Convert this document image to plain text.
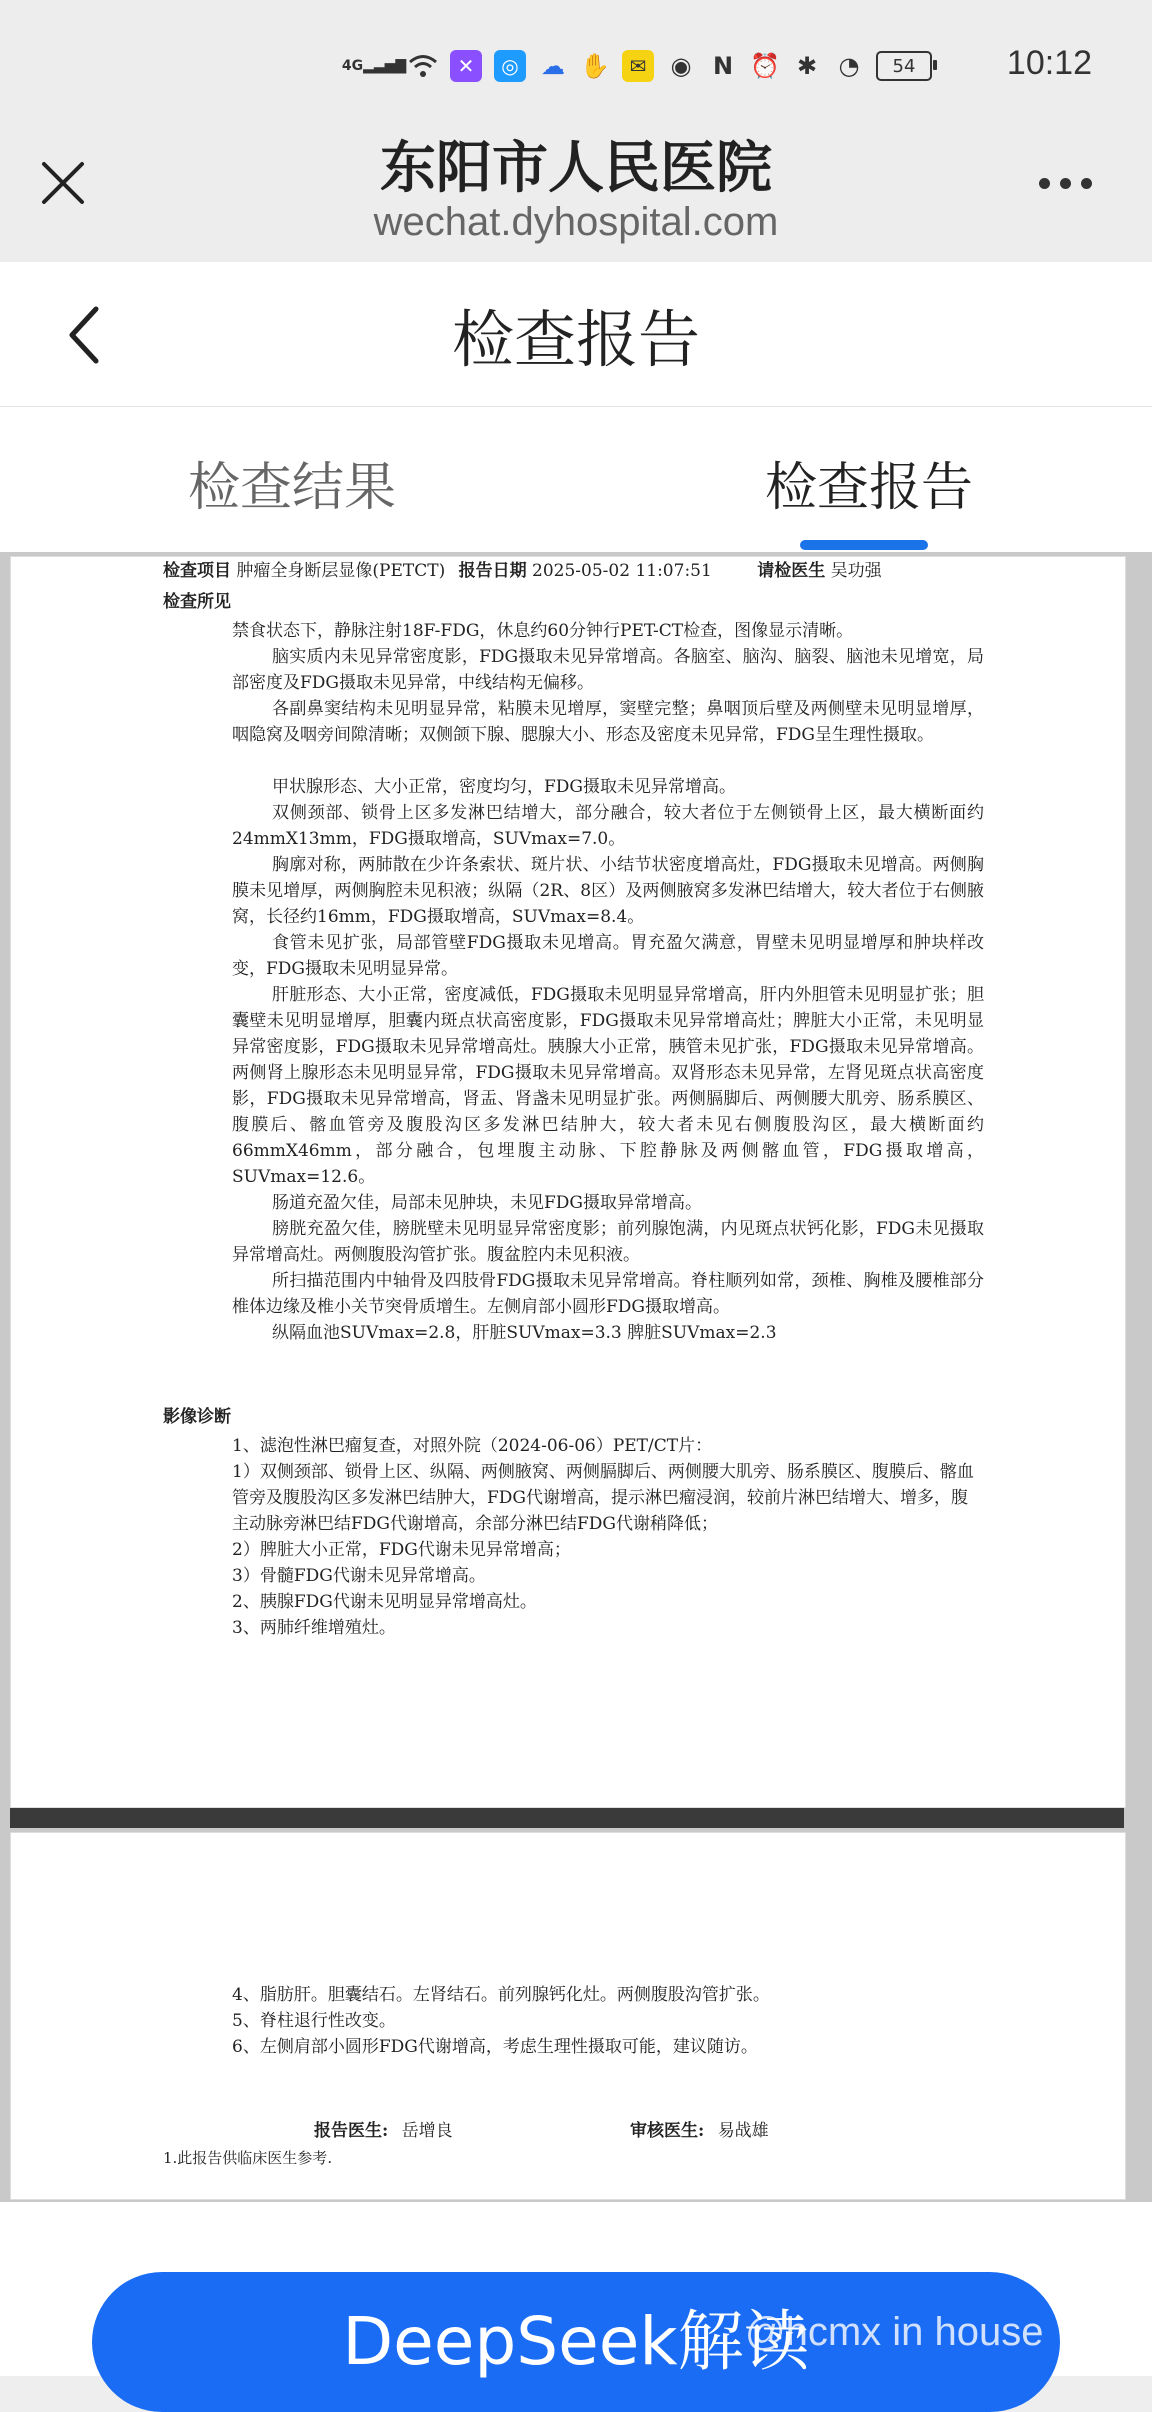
4G ▂▃▅▇	✕	◎ ☁ ✋ ✉	◉ N ⏰ ✱ ◔ 54	10:12
东阳市人民医院
wechat.dyhospital.com
检查报告
检查结果	检查报告
检查项目 肿瘤全身断层显像(PETCT) 报告日期 2025-05-02 11:07:51	请检医生 吴功强
检查所见

禁食状态下，静脉注射18F-FDG，休息约60分钟行PET-CT检查，图像显示清晰。

脑实质内未见异常密度影，FDG摄取未见异常增高。各脑室、脑沟、脑裂、脑池未见增宽，局部密度及FDG摄取未见异常，中线结构无偏移。

各副鼻窦结构未见明显异常，粘膜未见增厚，窦壁完整；鼻咽顶后壁及两侧壁未见明显增厚，咽隐窝及咽旁间隙清晰；双侧颌下腺、腮腺大小、形态及密度未见异常，FDG呈生理性摄取。

甲状腺形态、大小正常，密度均匀，FDG摄取未见异常增高。

双侧颈部、锁骨上区多发淋巴结增大，部分融合，较大者位于左侧锁骨上区，最大横断面约24mmX13mm，FDG摄取增高，SUVmax=7.0。

胸廓对称，两肺散在少许条索状、斑片状、小结节状密度增高灶，FDG摄取未见增高。两侧胸膜未见增厚，两侧胸腔未见积液；纵隔（2R、8区）及两侧腋窝多发淋巴结增大，较大者位于右侧腋窝，长径约16mm，FDG摄取增高，SUVmax=8.4。

食管未见扩张，局部管壁FDG摄取未见增高。胃充盈欠满意，胃壁未见明显增厚和肿块样改变，FDG摄取未见明显异常。

肝脏形态、大小正常，密度减低，FDG摄取未见明显异常增高，肝内外胆管未见明显扩张；胆囊壁未见明显增厚，胆囊内斑点状高密度影，FDG摄取未见异常增高灶；脾脏大小正常，未见明显异常密度影，FDG摄取未见异常增高灶。胰腺大小正常，胰管未见扩张，FDG摄取未见异常增高。两侧肾上腺形态未见明显异常，FDG摄取未见异常增高。双肾形态未见异常，左肾见斑点状高密度影，FDG摄取未见异常增高，肾盂、肾盏未见明显扩张。两侧膈脚后、两侧腰大肌旁、肠系膜区、腹膜后、髂血管旁及腹股沟区多发淋巴结肿大，较大者未见右侧腹股沟区，最大横断面约66mmX46mm，部分融合，包埋腹主动脉、下腔静脉及两侧髂血管，FDG摄取增高，SUVmax=12.6。

肠道充盈欠佳，局部未见肿块，未见FDG摄取异常增高。

膀胱充盈欠佳，膀胱壁未见明显异常密度影；前列腺饱满，内见斑点状钙化影，FDG未见摄取异常增高灶。两侧腹股沟管扩张。腹盆腔内未见积液。

所扫描范围内中轴骨及四肢骨FDG摄取未见异常增高。脊柱顺列如常，颈椎、胸椎及腰椎部分椎体边缘及椎小关节突骨质增生。左侧肩部小圆形FDG摄取增高。

纵隔血池SUVmax=2.8，肝脏SUVmax=3.3 脾脏SUVmax=2.3

影像诊断

1、滤泡性淋巴瘤复查，对照外院（2024-06-06）PET/CT片：

1）双侧颈部、锁骨上区、纵隔、两侧腋窝、两侧膈脚后、两侧腰大肌旁、肠系膜区、腹膜后、髂血管旁及腹股沟区多发淋巴结肿大，FDG代谢增高，提示淋巴瘤浸润，较前片淋巴结增大、增多，腹主动脉旁淋巴结FDG代谢增高，余部分淋巴结FDG代谢稍降低；

2）脾脏大小正常，FDG代谢未见异常增高；

3）骨髓FDG代谢未见异常增高。

2、胰腺FDG代谢未见明显异常增高灶。

3、两肺纤维增殖灶。

4、脂肪肝。胆囊结石。左肾结石。前列腺钙化灶。两侧腹股沟管扩张。

5、脊柱退行性改变。

6、左侧肩部小圆形FDG代谢增高，考虑生理性摄取可能，建议随访。

报告医生: 岳增良	审核医生: 易战雄
1.此报告供临床医生参考.
DeepSeek解读
@hcmx in house
